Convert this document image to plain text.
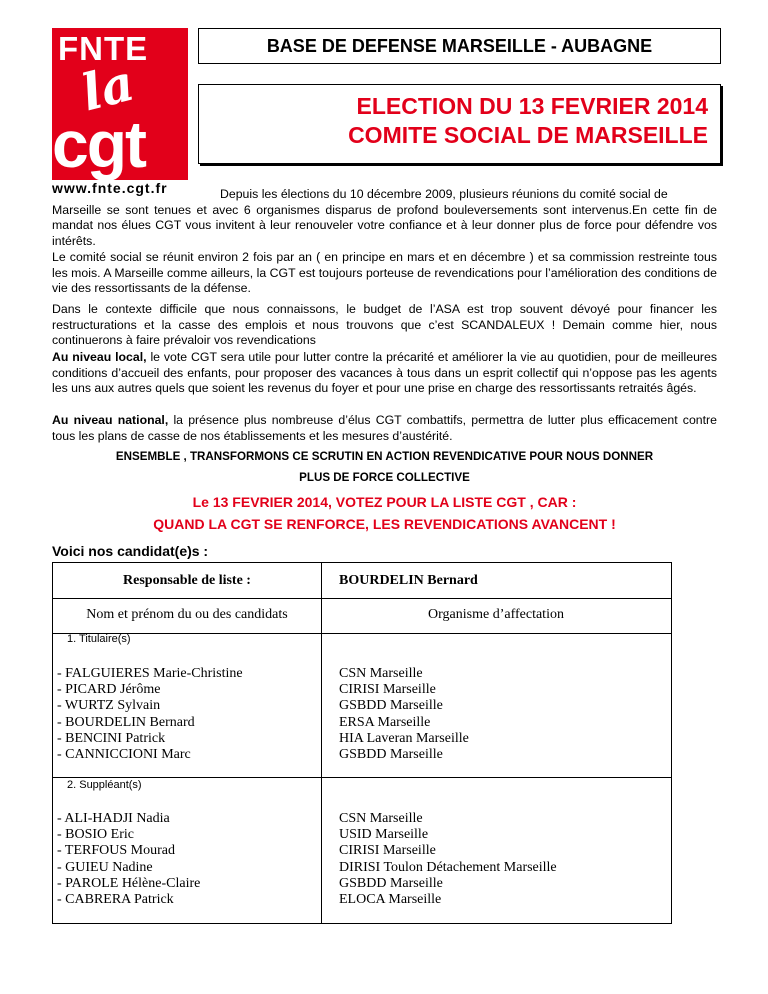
FNTE
la
cgt
www.fnte.cgt.fr
BASE DE DEFENSE MARSEILLE - AUBAGNE
ELECTION DU 13 FEVRIER 2014
COMITE SOCIAL DE MARSEILLE
Depuis les élections du 10 décembre 2009, plusieurs réunions du comité social de
Marseille se sont tenues et avec 6 organismes disparus de profond bouleversements sont intervenus.En cette fin de mandat nos élues CGT vous invitent à leur renouveler votre confiance et à leur donner plus de force pour défendre vos intérêts.
Le comité social se réunit environ 2 fois par an ( en principe en mars et en décembre ) et sa commission restreinte tous les mois. A Marseille comme ailleurs, la CGT est toujours porteuse de revendications pour l’amélioration des conditions de vie des ressortissants de la défense.
Dans le contexte difficile que nous connaissons, le budget de l’ASA est trop souvent dévoyé pour financer les restructurations et la casse des emplois et nous trouvons que c’est SCANDALEUX ! Demain comme hier, nous continuerons à faire prévaloir vos revendications
Au niveau local, le vote CGT sera utile pour lutter contre la précarité et améliorer la vie au quotidien, pour de meilleures conditions d’accueil des enfants, pour proposer des vacances à tous dans un esprit collectif qui n’oppose pas les agents les uns aux autres quels que soient les revenus du foyer et pour une prise en charge des ressortissants retraités âgés.
Au niveau national, la présence plus nombreuse d’élus CGT combattifs, permettra de lutter plus efficacement contre tous les plans de casse de nos établissements et les mesures d’austérité.
ENSEMBLE , TRANSFORMONS CE SCRUTIN EN ACTION REVENDICATIVE POUR NOUS DONNER
PLUS DE FORCE COLLECTIVE
Le 13 FEVRIER 2014, VOTEZ POUR LA LISTE CGT , CAR :
QUAND LA CGT SE RENFORCE, LES REVENDICATIONS AVANCENT !
Voici nos candidat(e)s :
Responsable de liste :	BOURDELIN Bernard
Nom et prénom du ou des candidats	Organisme d’affectation
1. Titulaire(s)
- FALGUIERES Marie-Christine
- PICARD Jérôme
- WURTZ Sylvain
- BOURDELIN Bernard
- BENCINI Patrick
- CANNICCIONI Marc
CSN Marseille
CIRISI Marseille
GSBDD Marseille
ERSA Marseille
HIA Laveran Marseille
GSBDD Marseille
2. Suppléant(s)
- ALI-HADJI Nadia
- BOSIO Eric
- TERFOUS Mourad
- GUIEU Nadine
- PAROLE Hélène-Claire
- CABRERA Patrick
CSN Marseille
USID Marseille
CIRISI Marseille
DIRISI Toulon Détachement Marseille
GSBDD Marseille
ELOCA Marseille
